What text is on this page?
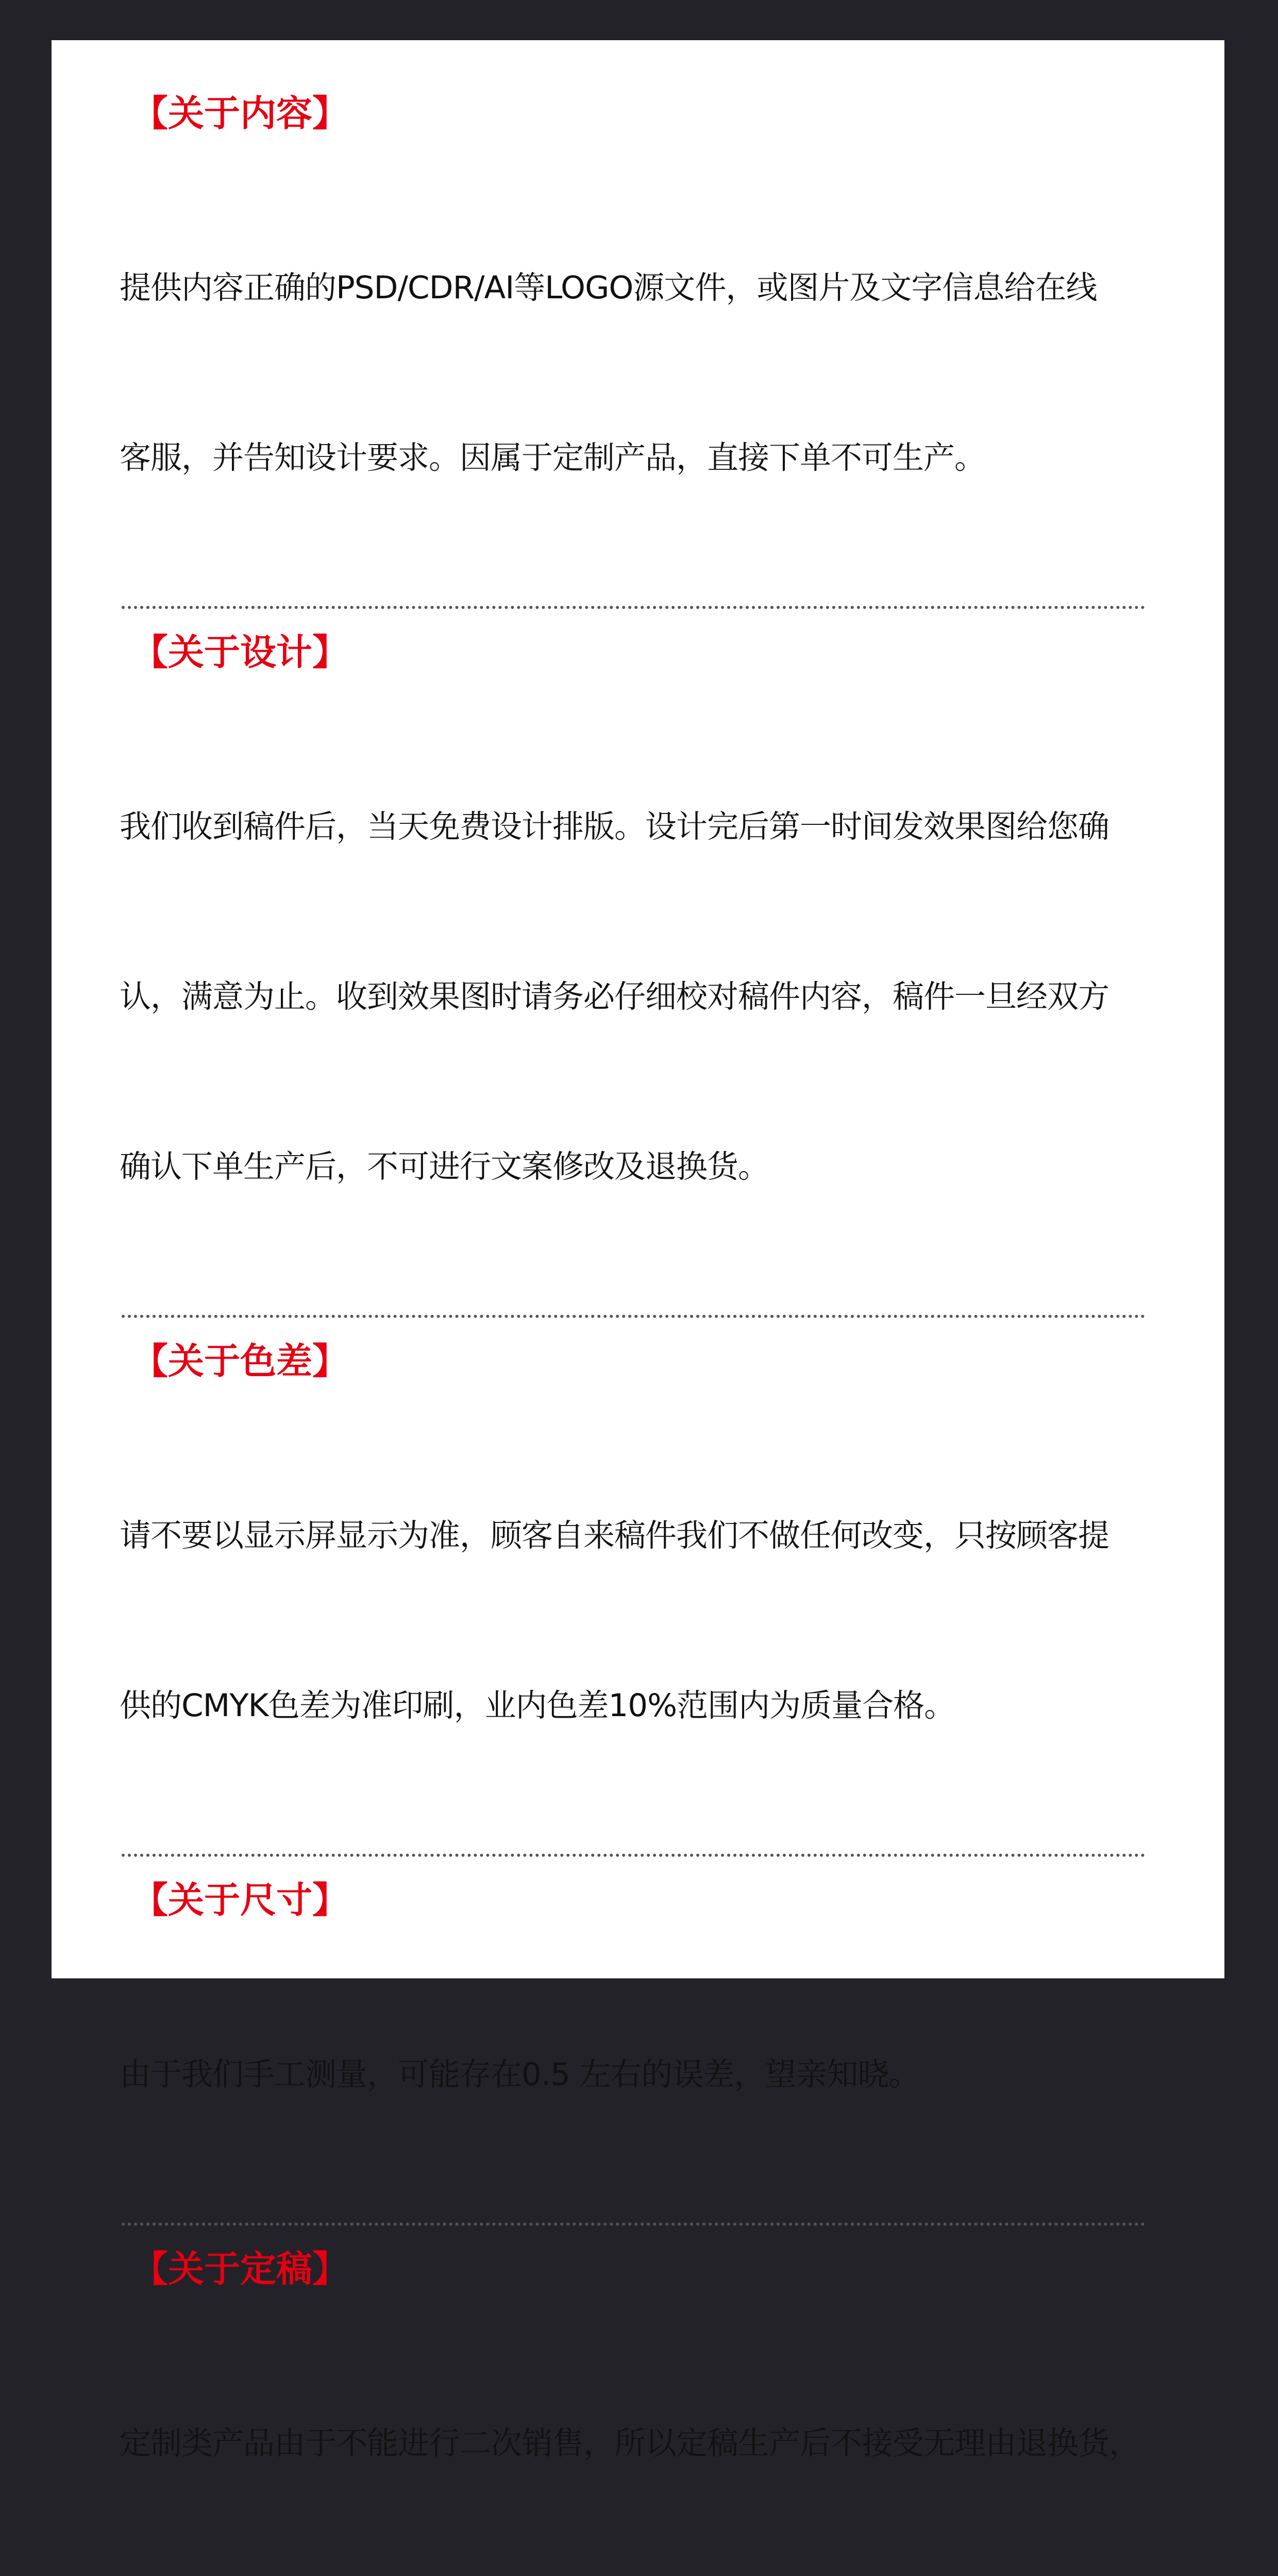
【关于内容】

提供内容正确的PSD/CDR/AI等LOGO源文件，或图片及文字信息给在线

客服，并告知设计要求。因属于定制产品，直接下单不可生产。

【关于设计】

我们收到稿件后，当天免费设计排版。设计完后第一时间发效果图给您确

认，满意为止。收到效果图时请务必仔细校对稿件内容，稿件一旦经双方

确认下单生产后，不可进行文案修改及退换货。

【关于色差】

请不要以显示屏显示为准，顾客自来稿件我们不做任何改变，只按顾客提

供的CMYK色差为准印刷，业内色差10%范围内为质量合格。

【关于尺寸】

由于我们手工测量，可能存在0.5 左右的误差，望亲知晓。

【关于定稿】

定制类产品由于不能进行二次销售，所以定稿生产后不接受无理由退换货，
